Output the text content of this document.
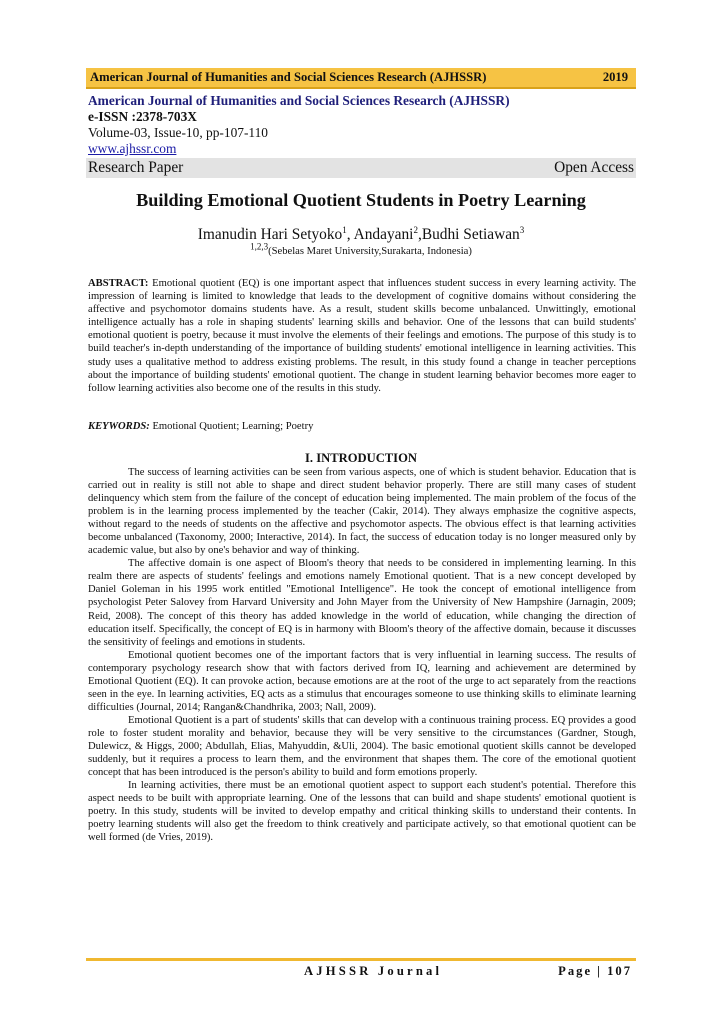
American Journal of Humanities and Social Sciences Research (AJHSSR)	2019
American Journal of Humanities and Social Sciences Research (AJHSSR)
e-ISSN :2378-703X
Volume-03, Issue-10, pp-107-110
www.ajhssr.com
Research Paper	Open Access
Building Emotional Quotient Students in Poetry Learning
Imanudin Hari Setyoko$^1$, Andayani$^2$,Budhi Setiawan$^3$
$^{1,2,3}$(Sebelas Maret University,Surakarta, Indonesia)
ABSTRACT: Emotional quotient (EQ) is one important aspect that influences student success in every learning activity. The impression of learning is limited to knowledge that leads to the development of cognitive domains without considering the affective and psychomotor domains students have. As a result, student skills become unbalanced. Unwittingly, emotional intelligence actually has a role in shaping students' learning skills and behavior. One of the lessons that can build students' emotional quotient is poetry, because it must involve the elements of their feelings and emotions. The purpose of this study is to build teacher's in-depth understanding of the importance of building students' emotional intelligence in learning activities. This study uses a qualitative method to address existing problems. The result, in this study found a change in teacher perceptions about the importance of building students' emotional quotient. The change in student learning behavior becomes more eager to follow learning activities also become one of the results in this study.
KEYWORDS: Emotional Quotient; Learning; Poetry
I. INTRODUCTION

The success of learning activities can be seen from various aspects, one of which is student behavior. Education that is carried out in reality is still not able to shape and direct student behavior properly. There are still many cases of student delinquency which stem from the failure of the concept of education being implemented. The main problem of the focus of the problem is in the learning process implemented by the teacher (Cakir, 2014). They always emphasize the cognitive aspects, without regard to the needs of students on the affective and psychomotor aspects. The obvious effect is that learning activities become unbalanced (Taxonomy, 2000; Interactive, 2014). In fact, the success of education today is no longer measured only by academic value, but also by one's behavior and way of thinking.

The affective domain is one aspect of Bloom's theory that needs to be considered in implementing learning. In this realm there are aspects of students' feelings and emotions namely Emotional quotient. That is a new concept developed by Daniel Goleman in his 1995 work entitled "Emotional Intelligence". He took the concept of emotional intelligence from psychologist Peter Salovey from Harvard University and John Mayer from the University of New Hampshire (Jarnagin, 2009; Reid, 2008). The concept of this theory has added knowledge in the world of education, while changing the direction of education itself. Specifically, the concept of EQ is in harmony with Bloom's theory of the affective domain, because it discusses the sensitivity of feelings and emotions in students.

Emotional quotient becomes one of the important factors that is very influential in learning success. The results of contemporary psychology research show that with factors derived from IQ, learning and achievement are determined by Emotional Quotient (EQ). It can provoke action, because emotions are at the root of the urge to act separately from the reactions seen in the eye. In learning activities, EQ acts as a stimulus that encourages someone to use thinking skills to eliminate learning difficulties (Journal, 2014; Rangan&Chandhrika, 2003; Nall, 2009).

Emotional Quotient is a part of students' skills that can develop with a continuous training process. EQ provides a good role to foster student morality and behavior, because they will be very sensitive to the circumstances (Gardner, Stough, Dulewicz, & Higgs, 2000; Abdullah, Elias, Mahyuddin, &Uli, 2004). The basic emotional quotient skills cannot be developed suddenly, but it requires a process to learn them, and the environment that shapes them. The core of the emotional quotient concept that has been introduced is the person's ability to build and form emotions properly.

In learning activities, there must be an emotional quotient aspect to support each student's potential. Therefore this aspect needs to be built with appropriate learning. One of the lessons that can build and shape students' emotional quotient is poetry. In this study, students will be invited to develop empathy and critical thinking skills to understand their contents. In poetry learning students will also get the freedom to think creatively and participate actively, so that emotional quotient can be well formed (de Vries, 2019).

AJHSSR Journal	Page | 107
